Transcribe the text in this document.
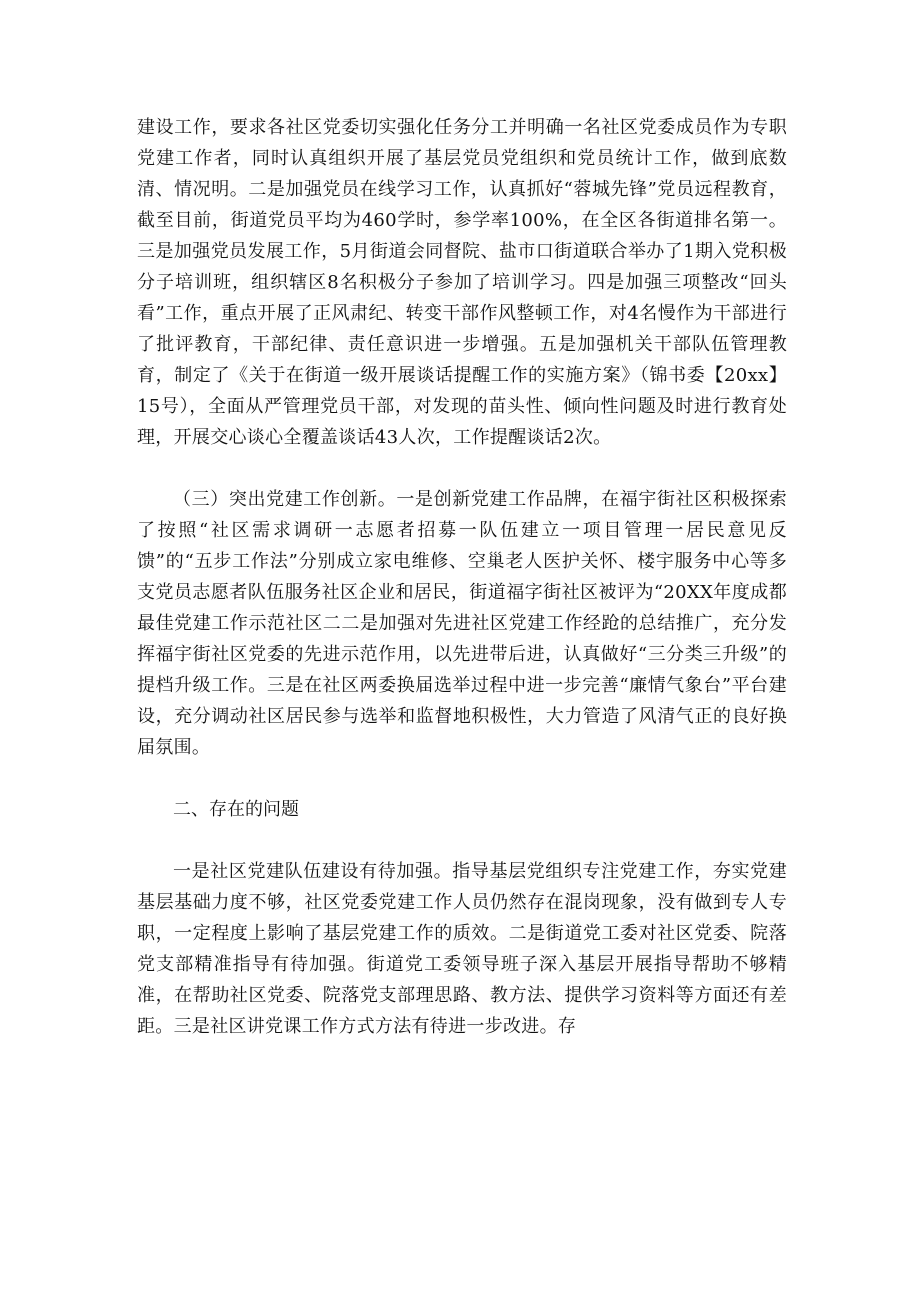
建设工作，要求各社区党委切实强化任务分工并明确一名社区党委成员作为专职党建工作者，同时认真组织开展了基层党员党组织和党员统计工作，做到底数清、情况明。二是加强党员在线学习工作，认真抓好“蓉城先锋”党员远程教育，截至目前，街道党员平均为460学时，参学率100%，在全区各街道排名第一。三是加强党员发展工作，5月街道会同督院、盐市口街道联合举办了1期入党积极分子培训班，组织辖区8名积极分子参加了培训学习。四是加强三项整改“回头看”工作，重点开展了正风肃纪、转变干部作风整顿工作，对4名慢作为干部进行了批评教育，干部纪律、责任意识进一步增强。五是加强机关干部队伍管理教育，制定了《关于在街道一级开展谈话提醒工作的实施方案》（锦书委【20xx】15号），全面从严管理党员干部，对发现的苗头性、倾向性问题及时进行教育处理，开展交心谈心全覆盖谈话43人次，工作提醒谈话2次。

（三）突出党建工作创新。一是创新党建工作品牌，在福宇街社区积极探索了按照“社区需求调研一志愿者招募一队伍建立一项目管理一居民意见反馈”的“五步工作法”分别成立家电维修、空巢老人医护关怀、楼宇服务中心等多支党员志愿者队伍服务社区企业和居民，街道福字街社区被评为“20XX年度成都最佳党建工作示范社区二二是加强对先进社区党建工作经跄的总结推广，充分发挥福宇街社区党委的先进示范作用，以先进带后进，认真做好“三分类三升级”的提档升级工作。三是在社区两委换届选举过程中进一步完善“廉情气象台”平台建设，充分调动社区居民参与选举和监督地积极性，大力管造了风清气正的良好换届氛围。

二、存在的问题

一是社区党建队伍建设有待加强。指导基层党组织专注党建工作，夯实党建基层基础力度不够，社区党委党建工作人员仍然存在混岗现象，没有做到专人专职，一定程度上影响了基层党建工作的质效。二是街道党工委对社区党委、院落党支部精准指导有待加强。街道党工委领导班子深入基层开展指导帮助不够精准，在帮助社区党委、院落党支部理思路、教方法、提供学习资料等方面还有差距。三是社区讲党课工作方式方法有待进一步改进。存
